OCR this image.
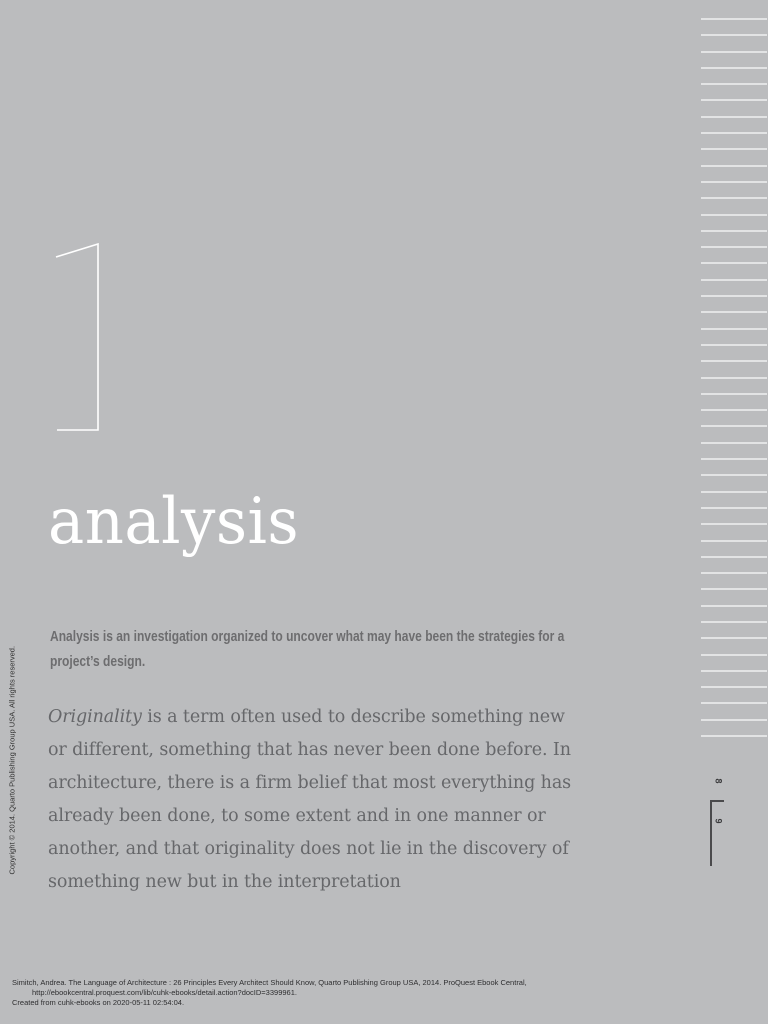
analysis
Analysis is an investigation organized to uncover what may have been the strategies for a project’s design.
Originality is a term often used to describe something new or different, something that has never been done before. In architecture, there is a firm belief that most everything has already been done, to some extent and in one manner or another, and that originality does not lie in the discovery of something new but in the interpretation
8
9
Copyright © 2014. Quarto Publishing Group USA. All rights reserved.
Simitch, Andrea. The Language of Architecture : 26 Principles Every Architect Should Know, Quarto Publishing Group USA, 2014. ProQuest Ebook Central,
http://ebookcentral.proquest.com/lib/cuhk-ebooks/detail.action?docID=3399961.
Created from cuhk-ebooks on 2020-05-11 02:54:04.
